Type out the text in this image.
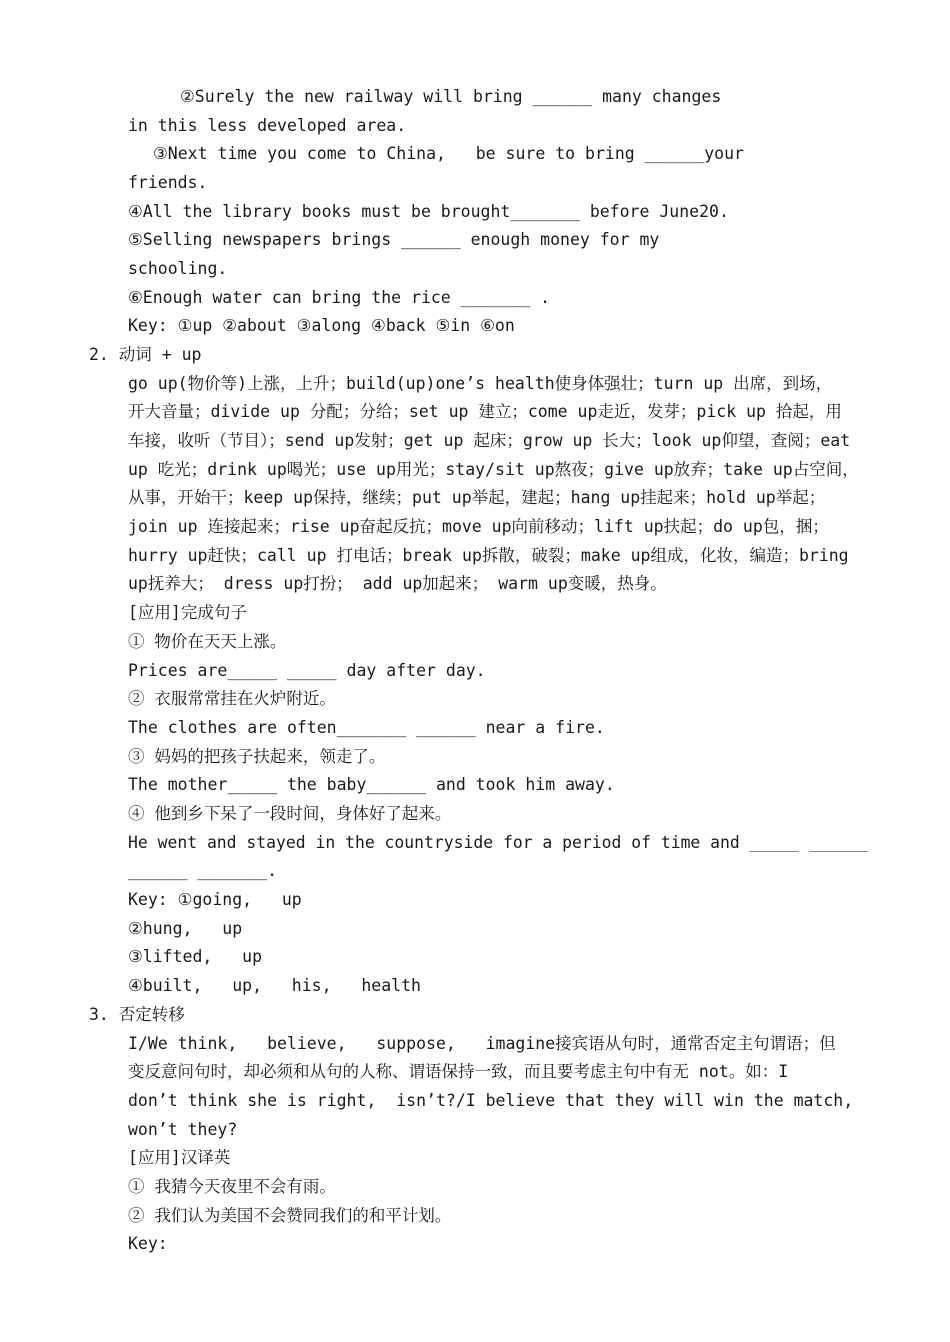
②Surely the new railway will bring ______ many changes
in this less developed area.
③Next time you come to China,   be sure to bring ______your
friends.
④All the library books must be brought_______ before June20.
⑤Selling newspapers brings ______ enough money for my
schooling.
⑥Enough water can bring the rice _______ .
Key: ①up ②about ③along ④back ⑤in ⑥on
2. 动词 + up
go up(物价等)上涨，上升；build(up)one’s health使身体强壮；turn up 出席，到场，
开大音量；divide up 分配；分给；set up 建立；come up走近，发芽；pick up 拾起，用
车接，收听（节目）；send up发射；get up 起床；grow up 长大；look up仰望，查阅；eat
up 吃光；drink up喝光；use up用光；stay/sit up熬夜；give up放弃；take up占空间，
从事，开始干；keep up保持，继续；put up举起，建起；hang up挂起来；hold up举起；
join up 连接起来；rise up奋起反抗；move up向前移动；lift up扶起；do up包，捆；
hurry up赶快；call up 打电话；break up拆散，破裂；make up组成，化妆，编造；bring
up抚养大； dress up打扮； add up加起来； warm up变暖，热身。
[应用]完成句子
① 物价在天天上涨。
Prices are_____ _____ day after day.
② 衣服常常挂在火炉附近。
The clothes are often_______ ______ near a fire.
③ 妈妈的把孩子扶起来，领走了。
The mother_____ the baby______ and took him away.
④ 他到乡下呆了一段时间，身体好了起来。
He went and stayed in the countryside for a period of time and _____ ______
______ _______.
Key: ①going,   up
②hung,   up
③lifted,   up
④built,   up,   his,   health
3. 否定转移
I/We think,   believe,   suppose,   imagine接宾语从句时，通常否定主句谓语；但
变反意问句时，却必须和从句的人称、谓语保持一致，而且要考虑主句中有无 not。如：I
don’t think she is right,  isn’t?/I believe that they will win the match,
won’t they?
[应用]汉译英
① 我猜今天夜里不会有雨。
② 我们认为美国不会赞同我们的和平计划。
Key:
